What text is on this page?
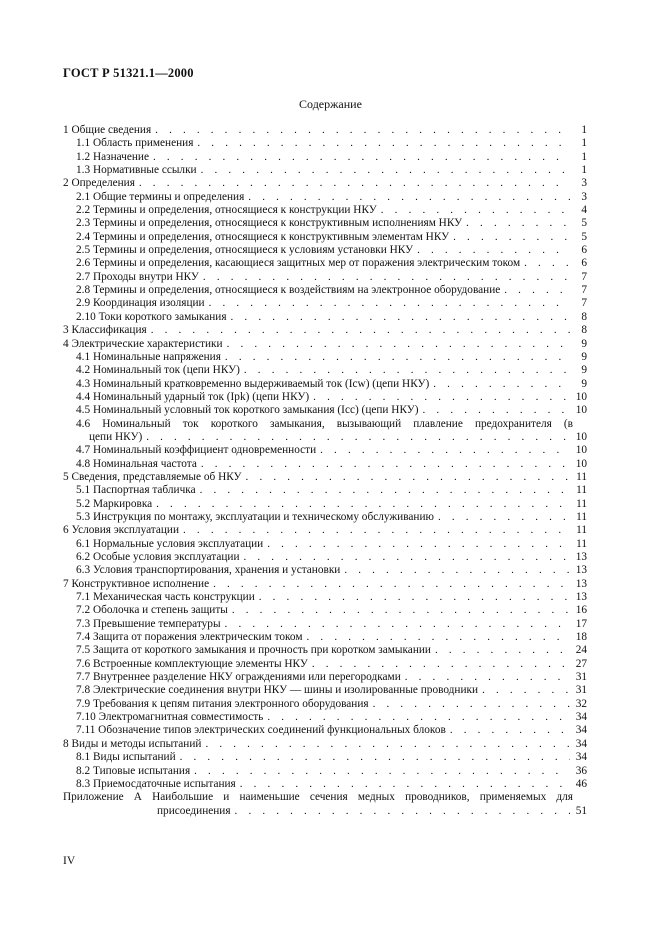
ГОСТ Р 51321.1—2000
Содержание
1 Общие сведения . . .	1
1.1 Область применения . . .	1
1.2 Назначение . . .	1
1.3 Нормативные ссылки . . .	1
2 Определения . . .	3
2.1 Общие термины и определения . . .	3
2.2 Термины и определения, относящиеся к конструкции НКУ . . .	4
2.3 Термины и определения, относящиеся к конструктивным исполнениям НКУ . . .	5
2.4 Термины и определения, относящиеся к конструктивным элементам НКУ . . .	5
2.5 Термины и определения, относящиеся к условиям установки НКУ . . .	6
2.6 Термины и определения, касающиеся защитных мер от поражения электрическим током . . .	6
2.7 Проходы внутри НКУ . . .	7
2.8 Термины и определения, относящиеся к воздействиям на электронное оборудование . . .	7
2.9 Координация изоляции . . .	7
2.10 Токи короткого замыкания . . .	8
3 Классификация . . .	8
4 Электрические характеристики . . .	9
4.1 Номинальные напряжения . . .	9
4.2 Номинальный ток (цепи НКУ) . . .	9
4.3 Номинальный кратковременно выдерживаемый ток (Icw) (цепи НКУ) . . .	9
4.4 Номинальный ударный ток (Ipk) (цепи НКУ) . . .	10
4.5 Номинальный условный ток короткого замыкания (Icc) (цепи НКУ) . . .	10
4.6 Номинальный ток короткого замыкания, вызывающий плавление предохранителя (в
цепи НКУ) . . .	10
4.7 Номинальный коэффициент одновременности . . .	10
4.8 Номинальная частота . . .	10
5 Сведения, представляемые об НКУ . . .	11
5.1 Паспортная табличка . . .	11
5.2 Маркировка . . .	11
5.3 Инструкция по монтажу, эксплуатации и техническому обслуживанию . . .	11
6 Условия эксплуатации . . .	11
6.1 Нормальные условия эксплуатации . . .	11
6.2 Особые условия эксплуатации . . .	13
6.3 Условия транспортирования, хранения и установки . . .	13
7 Конструктивное исполнение . . .	13
7.1 Механическая часть конструкции . . .	13
7.2 Оболочка и степень защиты . . .	16
7.3 Превышение температуры . . .	17
7.4 Защита от поражения электрическим током . . .	18
7.5 Защита от короткого замыкания и прочность при коротком замыкании . . .	24
7.6 Встроенные комплектующие элементы НКУ . . .	27
7.7 Внутреннее разделение НКУ ограждениями или перегородками . . .	31
7.8 Электрические соединения внутри НКУ — шины и изолированные проводники . . .	31
7.9 Требования к цепям питания электронного оборудования . . .	32
7.10 Электромагнитная совместимость . . .	34
7.11 Обозначение типов электрических соединений функциональных блоков . . .	34
8 Виды и методы испытаний . . .	34
8.1 Виды испытаний . . .	34
8.2 Типовые испытания . . .	36
8.3 Приемосдаточные испытания . . .	46
Приложение А Наибольшие и наименьшие сечения медных проводников, применяемых для
присоединения . . .	51
IV
